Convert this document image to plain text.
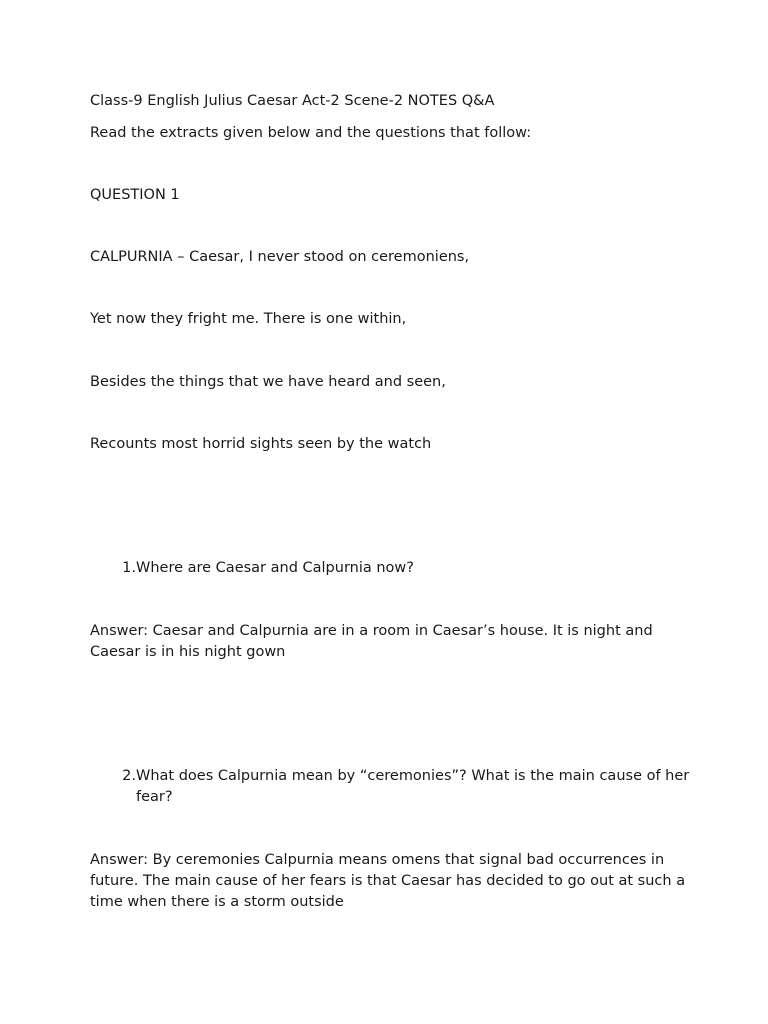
Class-9 English Julius Caesar Act-2 Scene-2 NOTES Q&A

Read the extracts given below and the questions that follow:

QUESTION 1

CALPURNIA – Caesar, I never stood on ceremoniens,

Yet now they fright me. There is one within,

Besides the things that we have heard and seen,

Recounts most horrid sights seen by the watch

1. Where are Caesar and Calpurnia now?

Answer: Caesar and Calpurnia are in a room in Caesar’s house. It is night and Caesar is in his night gown

2. What does Calpurnia mean by “ceremonies”? What is the main cause of her fear?

Answer: By ceremonies Calpurnia means omens that signal bad occurrences in future. The main cause of her fears is that Caesar has decided to go out at such a time when there is a storm outside
